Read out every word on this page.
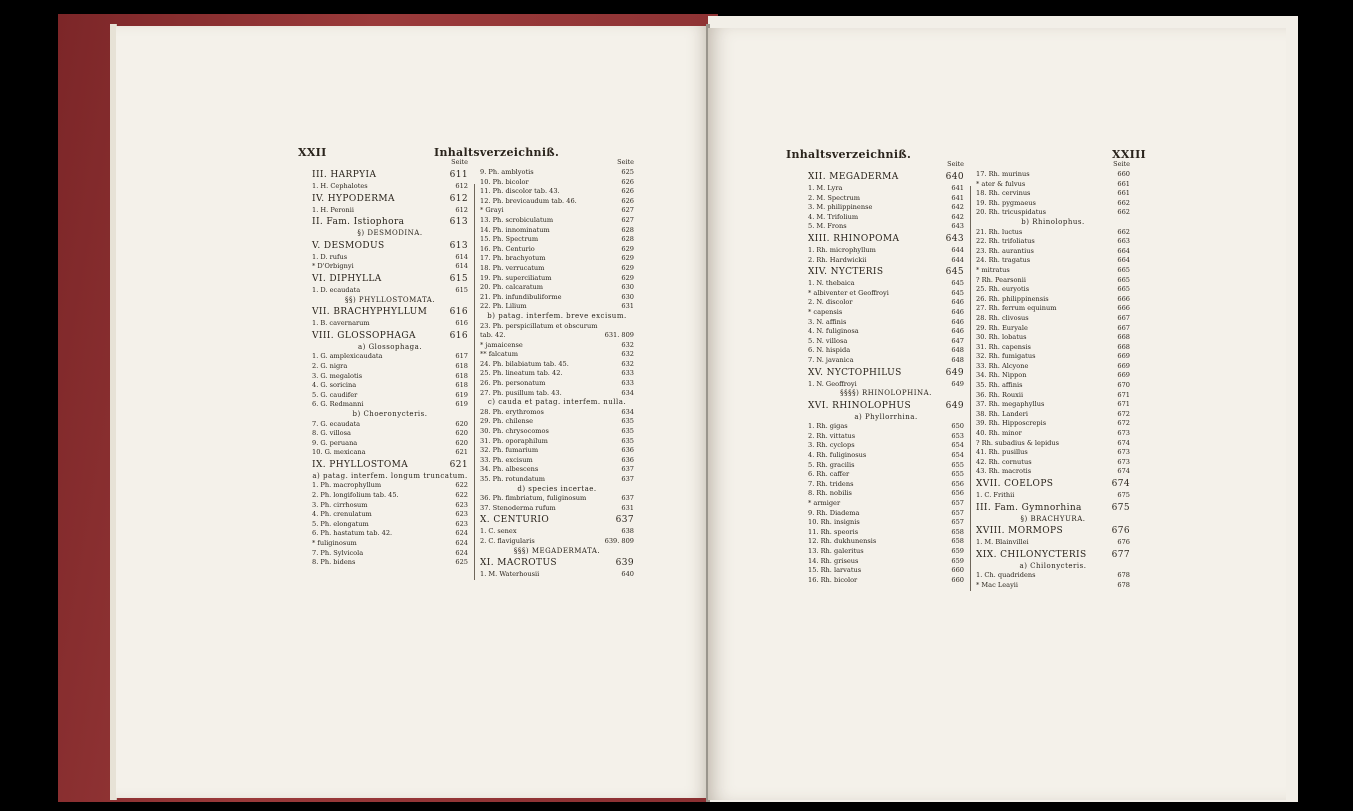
XXII	Inhaltsverzeichniß.
Seite
III. HARPYIA	611
1. H. Cephalotes	612
IV. HYPODERMA	612
1. H. Peronii	612
II. Fam. Istiophora	613
§) DESMODINA.
V. DESMODUS	613
1. D. rufus	614
* D'Orbignyi	614
VI. DIPHYLLA	615
1. D. ecaudata	615
§§) PHYLLOSTOMATA.
VII. BRACHYPHYLLUM 616
1. B. cavernarum	616
VIII. GLOSSOPHAGA	616
a) Glossophaga.
1. G. amplexicaudata	617
2. G. nigra	618
3. G. megalotis	618
4. G. soricina	618
5. G. caudifer	619
6. G. Redmanni	619
b) Choeronycteris.
7. G. ecaudata	620
8. G. villosa	620
9. G. peruana	620
10. G. mexicana	621
IX. PHYLLOSTOMA	621
a) patag. interfem. longum truncatum.
1. Ph. macrophyllum	622
2. Ph. longifolium tab. 45.	622
3. Ph. cirrhosum	623
4. Ph. crenulatum	623
5. Ph. elongatum	623
6. Ph. hastatum tab. 42.	624
* fuliginosum	624
7. Ph. Sylvicola	624
8. Ph. bidens	625
Seite
9. Ph. amblyotis	625
10. Ph. bicolor	626
11. Ph. discolor tab. 43.	626
12. Ph. brevicaudum tab. 46.	626
* Grayi	627
13. Ph. scrobiculatum	627
14. Ph. innominatum	628
15. Ph. Spectrum	628
16. Ph. Centurio	629
17. Ph. brachyotum	629
18. Ph. verrucatum	629
19. Ph. superciliatum	629
20. Ph. calcaratum	630
21. Ph. infundibuliforme	630
22. Ph. Lilium	631
b) patag. interfem. breve excisum.
23. Ph. perspicillatum et obscurum
tab. 42.	631. 809
* jamaicense	632
** falcatum	632
24. Ph. bilabiatum tab. 45.	632
25. Ph. lineatum tab. 42.	633
26. Ph. personatum	633
27. Ph. pusillum tab. 43.	634
c) cauda et patag. interfem. nulla.
28. Ph. erythromos	634
29. Ph. chilense	635
30. Ph. chrysocomos	635
31. Ph. oporaphilum	635
32. Ph. fumarium	636
33. Ph. excisum	636
34. Ph. albescens	637
35. Ph. rotundatum	637
d) species incertae.
36. Ph. fimbriatum, fuliginosum	637
37. Stenoderma rufum	631
X. CENTURIO	637
1. C. senex	638
2. C. flavigularis	639. 809
§§§) MEGADERMATA.
XI. MACROTUS	639
1. M. Waterhousii	640
Inhaltsverzeichniß.	XXIII
Seite
XII. MEGADERMA	640
1. M. Lyra	641
2. M. Spectrum	641
3. M. philippinense	642
4. M. Trifolium	642
5. M. Frons	643
XIII. RHINOPOMA	643
1. Rh. microphyllum	644
2. Rh. Hardwickii	644
XIV. NYCTERIS	645
1. N. thebaica	645
* albiventer et Geoffroyi	645
2. N. discolor	646
* capensis	646
3. N. affinis	646
4. N. fuliginosa	646
5. N. villosa	647
6. N. hispida	648
7. N. javanica	648
XV. NYCTOPHILUS	649
1. N. Geoffroyi	649
§§§§) RHINOLOPHINA.
XVI. RHINOLOPHUS	649
a) Phyllorrhina.
1. Rh. gigas	650
2. Rh. vittatus	653
3. Rh. cyclops	654
4. Rh. fuliginosus	654
5. Rh. gracilis	655
6. Rh. caffer	655
7. Rh. tridens	656
8. Rh. nobilis	656
* armiger	657
9. Rh. Diadema	657
10. Rh. insignis	657
11. Rh. speoris	658
12. Rh. dukhunensis	658
13. Rh. galeritus	659
14. Rh. griseus	659
15. Rh. larvatus	660
16. Rh. bicolor	660
Seite
17. Rh. murinus	660
* ater & fulvus	661
18. Rh. cervinus	661
19. Rh. pygmaeus	662
20. Rh. tricuspidatus	662
b) Rhinolophus.
21. Rh. luctus	662
22. Rh. trifoliatus	663
23. Rh. aurantius	664
24. Rh. tragatus	664
* mitratus	665
? Rh. Pearsonii	665
25. Rh. euryotis	665
26. Rh. philippinensis	666
27. Rh. ferrum equinum	666
28. Rh. clivosus	667
29. Rh. Euryale	667
30. Rh. lobatus	668
31. Rh. capensis	668
32. Rh. fumigatus	669
33. Rh. Alcyone	669
34. Rh. Nippon	669
35. Rh. affinis	670
36. Rh. Rouxii	671
37. Rh. megaphyllus	671
38. Rh. Landeri	672
39. Rh. Hipposcrepis	672
40. Rh. minor	673
? Rh. subadius & lepidus	674
41. Rh. pusillus	673
42. Rh. cornutus	673
43. Rh. macrotis	674
XVII. COELOPS	674
1. C. Frithii	675
III. Fam. Gymnorhina	675
§) BRACHYURA.
XVIII. MORMOPS	676
1. M. Blainvillei	676
XIX. CHILONYCTERIS	677
a) Chilonycteris.
1. Ch. quadridens	678
* Mac Leayii	678
